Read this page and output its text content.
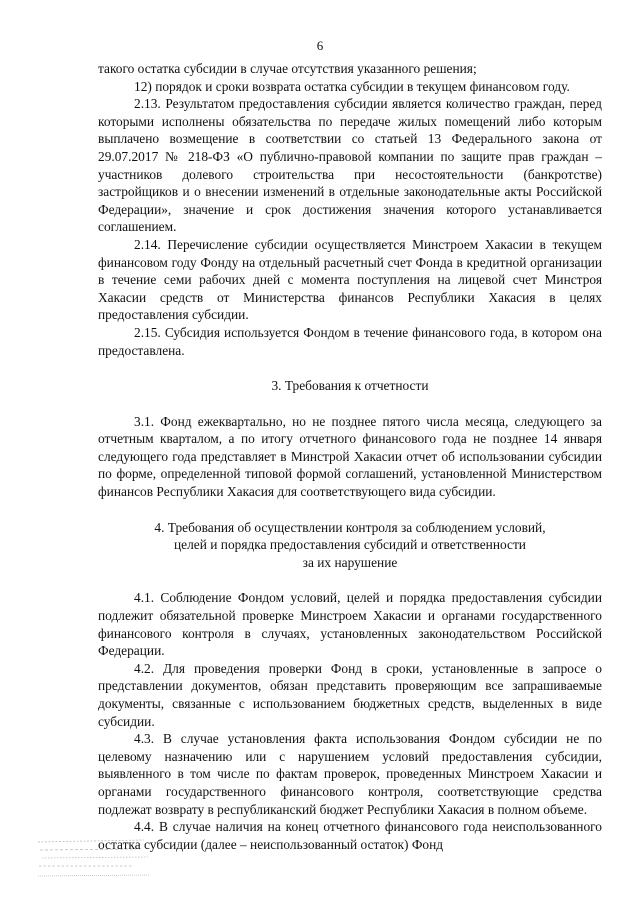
6

такого остатка субсидии в случае отсутствия указанного решения;

12) порядок и сроки возврата остатка субсидии в текущем финансовом году.

2.13. Результатом предоставления субсидии является количество граждан, перед которыми исполнены обязательства по передаче жилых помещений либо которым выплачено возмещение в соответствии со статьей 13 Федерального закона от 29.07.2017 № 218-ФЗ «О публично-правовой компании по защите прав граждан – участников долевого строительства при несостоятельности (банкротстве) застройщиков и о внесении изменений в отдельные законодательные акты Российской Федерации», значение и срок достижения значения которого устанавливается соглашением.

2.14. Перечисление субсидии осуществляется Минстроем Хакасии в текущем финансовом году Фонду на отдельный расчетный счет Фонда в кредитной организации в течение семи рабочих дней с момента поступления на лицевой счет Минстроя Хакасии средств от Министерства финансов Республики Хакасия в целях предоставления субсидии.

2.15. Субсидия используется Фондом в течение финансового года, в котором она предоставлена.

3. Требования к отчетности

3.1. Фонд ежеквартально, но не позднее пятого числа месяца, следующего за отчетным кварталом, а по итогу отчетного финансового года не позднее 14 января следующего года представляет в Минстрой Хакасии отчет об использовании субсидии по форме, определенной типовой формой соглашений, установленной Министерством финансов Республики Хакасия для соответствующего вида субсидии.

4. Требования об осуществлении контроля за соблюдением условий,
целей и порядка предоставления субсидий и ответственности
за их нарушение

4.1. Соблюдение Фондом условий, целей и порядка предоставления субсидии подлежит обязательной проверке Минстроем Хакасии и органами государственного финансового контроля в случаях, установленных законодательством Российской Федерации.

4.2. Для проведения проверки Фонд в сроки, установленные в запросе о представлении документов, обязан представить проверяющим все запрашиваемые документы, связанные с использованием бюджетных средств, выделенных в виде субсидии.

4.3. В случае установления факта использования Фондом субсидии не по целевому назначению или с нарушением условий предоставления субсидии, выявленного в том числе по фактам проверок, проведенных Минстроем Хакасии и органами государственного финансового контроля, соответствующие средства подлежат возврату в республиканский бюджет Республики Хакасия в полном объеме.

4.4. В случае наличия на конец отчетного финансового года неиспользованного остатка субсидии (далее – неиспользованный остаток) Фонд
